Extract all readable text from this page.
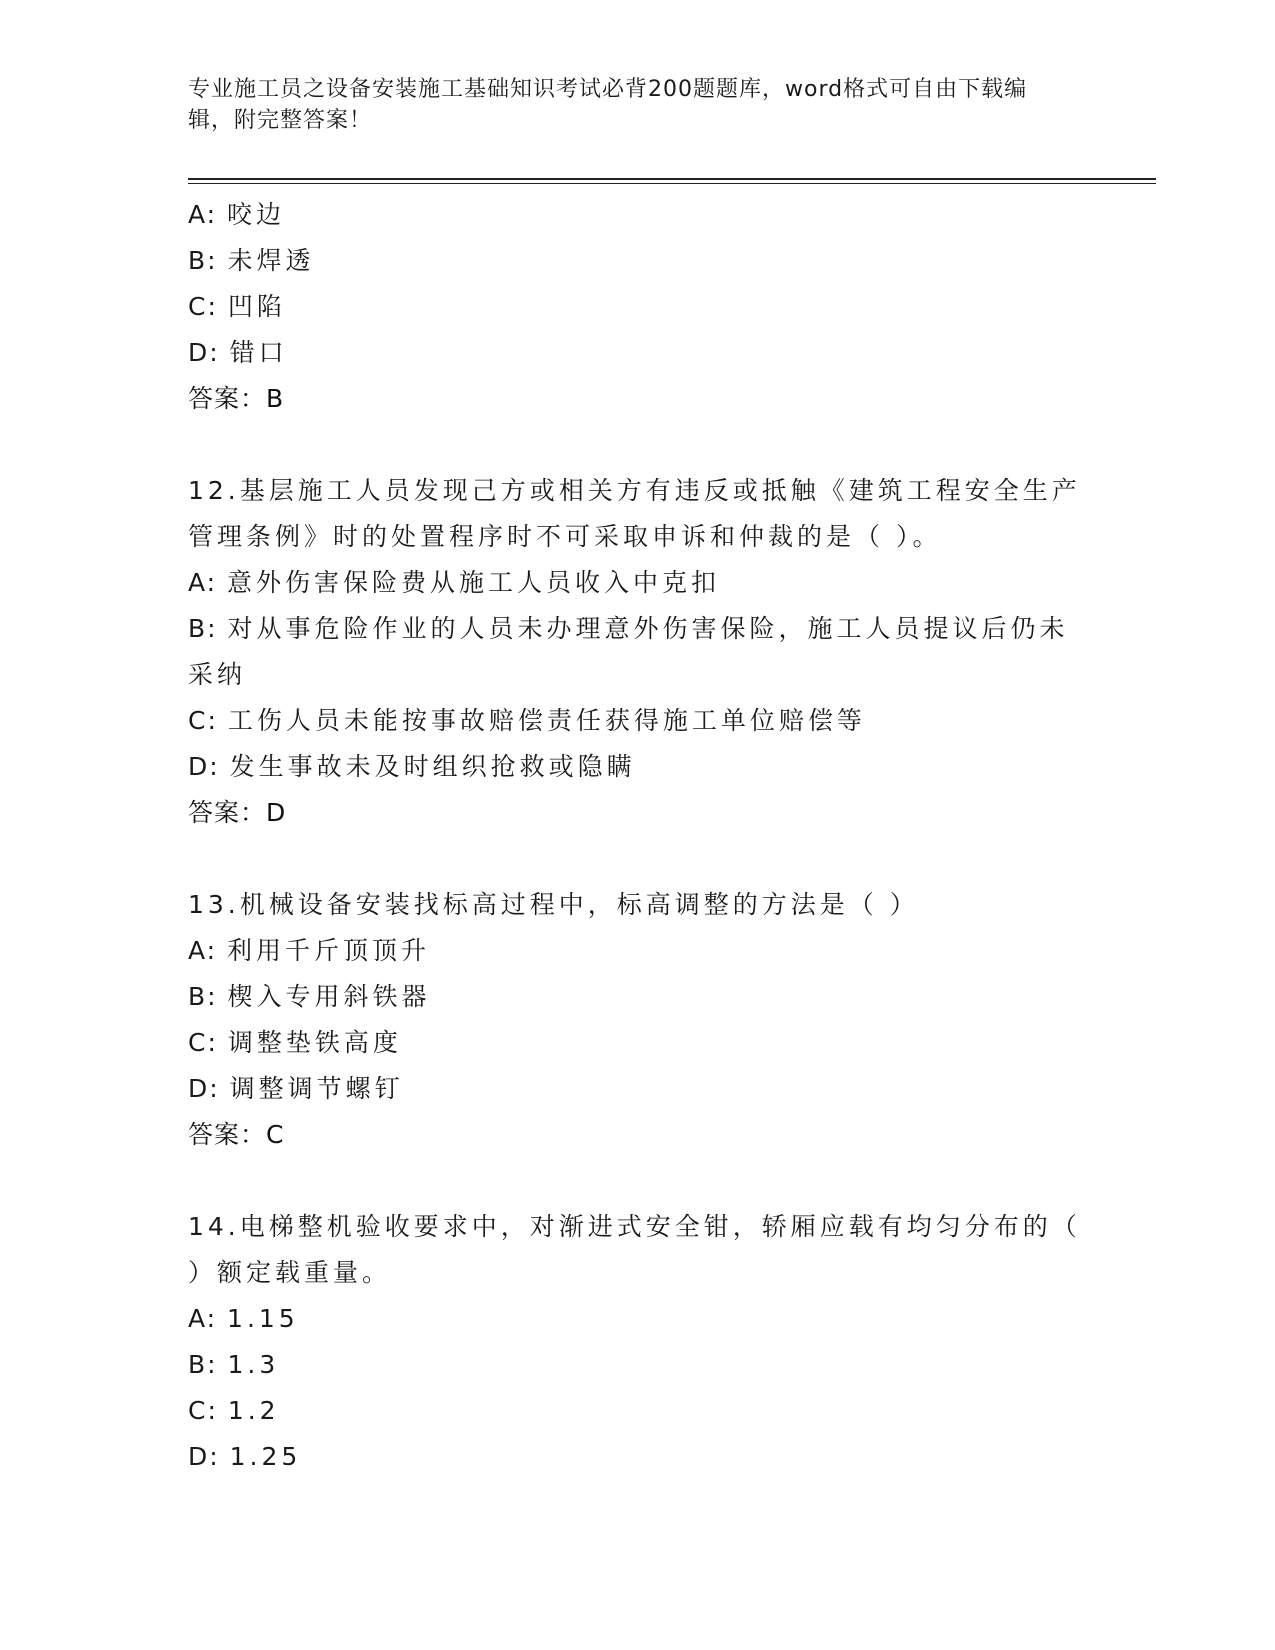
专业施工员之设备安装施工基础知识考试必背200题题库，word格式可自由下载编辑，附完整答案！
A: 咬边
B: 未焊透
C: 凹陷
D: 错口
答案：B
12.基层施工人员发现己方或相关方有违反或抵触《建筑工程安全生产管理条例》时的处置程序时不可采取申诉和仲裁的是（ ）。
A: 意外伤害保险费从施工人员收入中克扣
B: 对从事危险作业的人员未办理意外伤害保险，施工人员提议后仍未采纳
C: 工伤人员未能按事故赔偿责任获得施工单位赔偿等
D: 发生事故未及时组织抢救或隐瞒
答案：D
13.机械设备安装找标高过程中，标高调整的方法是（ ）
A: 利用千斤顶顶升
B: 楔入专用斜铁器
C: 调整垫铁高度
D: 调整调节螺钉
答案：C
14.电梯整机验收要求中，对渐进式安全钳，轿厢应载有均匀分布的（ ）额定载重量。
A: 1.15
B: 1.3
C: 1.2
D: 1.25
